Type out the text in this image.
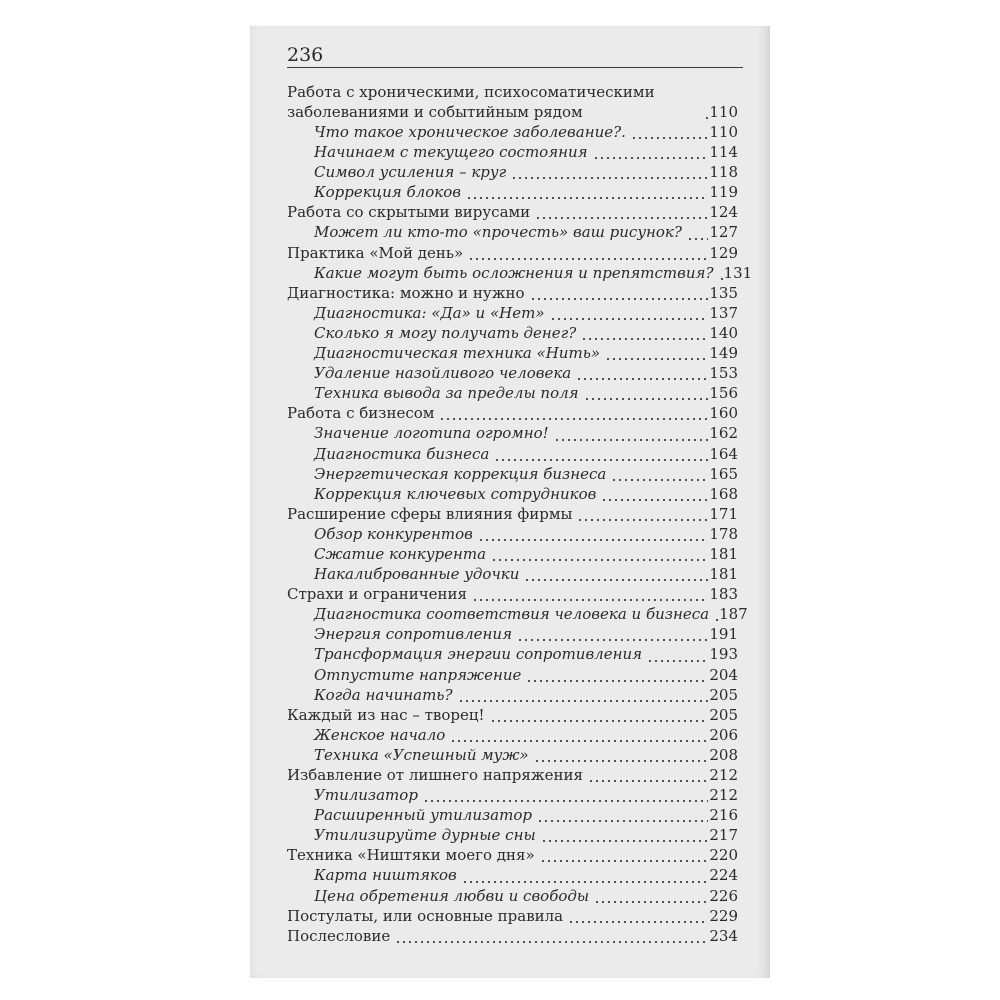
236
Работа с хроническими, психосоматическими заболеваниями и событийным рядом	110
Что такое хроническое заболевание?.	110
Начинаем с текущего состояния	114
Символ усиления – круг	118
Коррекция блоков	119
Работа со скрытыми вирусами	124
Может ли кто-то «прочесть» ваш рисунок? 127
Практика «Мой день»	129
Какие могут быть осложнения и препятствия? 131
Диагностика: можно и нужно	135
Диагностика: «Да» и «Нет»	137
Сколько я могу получать денег?	140
Диагностическая техника «Нить»	149
Удаление назойливого человека	153
Техника вывода за пределы поля	156
Работа с бизнесом	160
Значение логотипа огромно!	162
Диагностика бизнеса	164
Энергетическая коррекция бизнеса	165
Коррекция ключевых сотрудников	168
Расширение сферы влияния фирмы	171
Обзор конкурентов	178
Сжатие конкурента	181
Накалиброванные удочки	181
Страхи и ограничения	183
Диагностика соответствия человека и бизнеса 187
Энергия сопротивления	191
Трансформация энергии сопротивления	193
Отпустите напряжение	204
Когда начинать?	205
Каждый из нас – творец!	205
Женское начало	206
Техника «Успешный муж»	208
Избавление от лишнего напряжения	212
Утилизатор	212
Расширенный утилизатор	216
Утилизируйте дурные сны	217
Техника «Ништяки моего дня»	220
Карта ништяков	224
Цена обретения любви и свободы	226
Постулаты, или основные правила	229
Послесловие	234
